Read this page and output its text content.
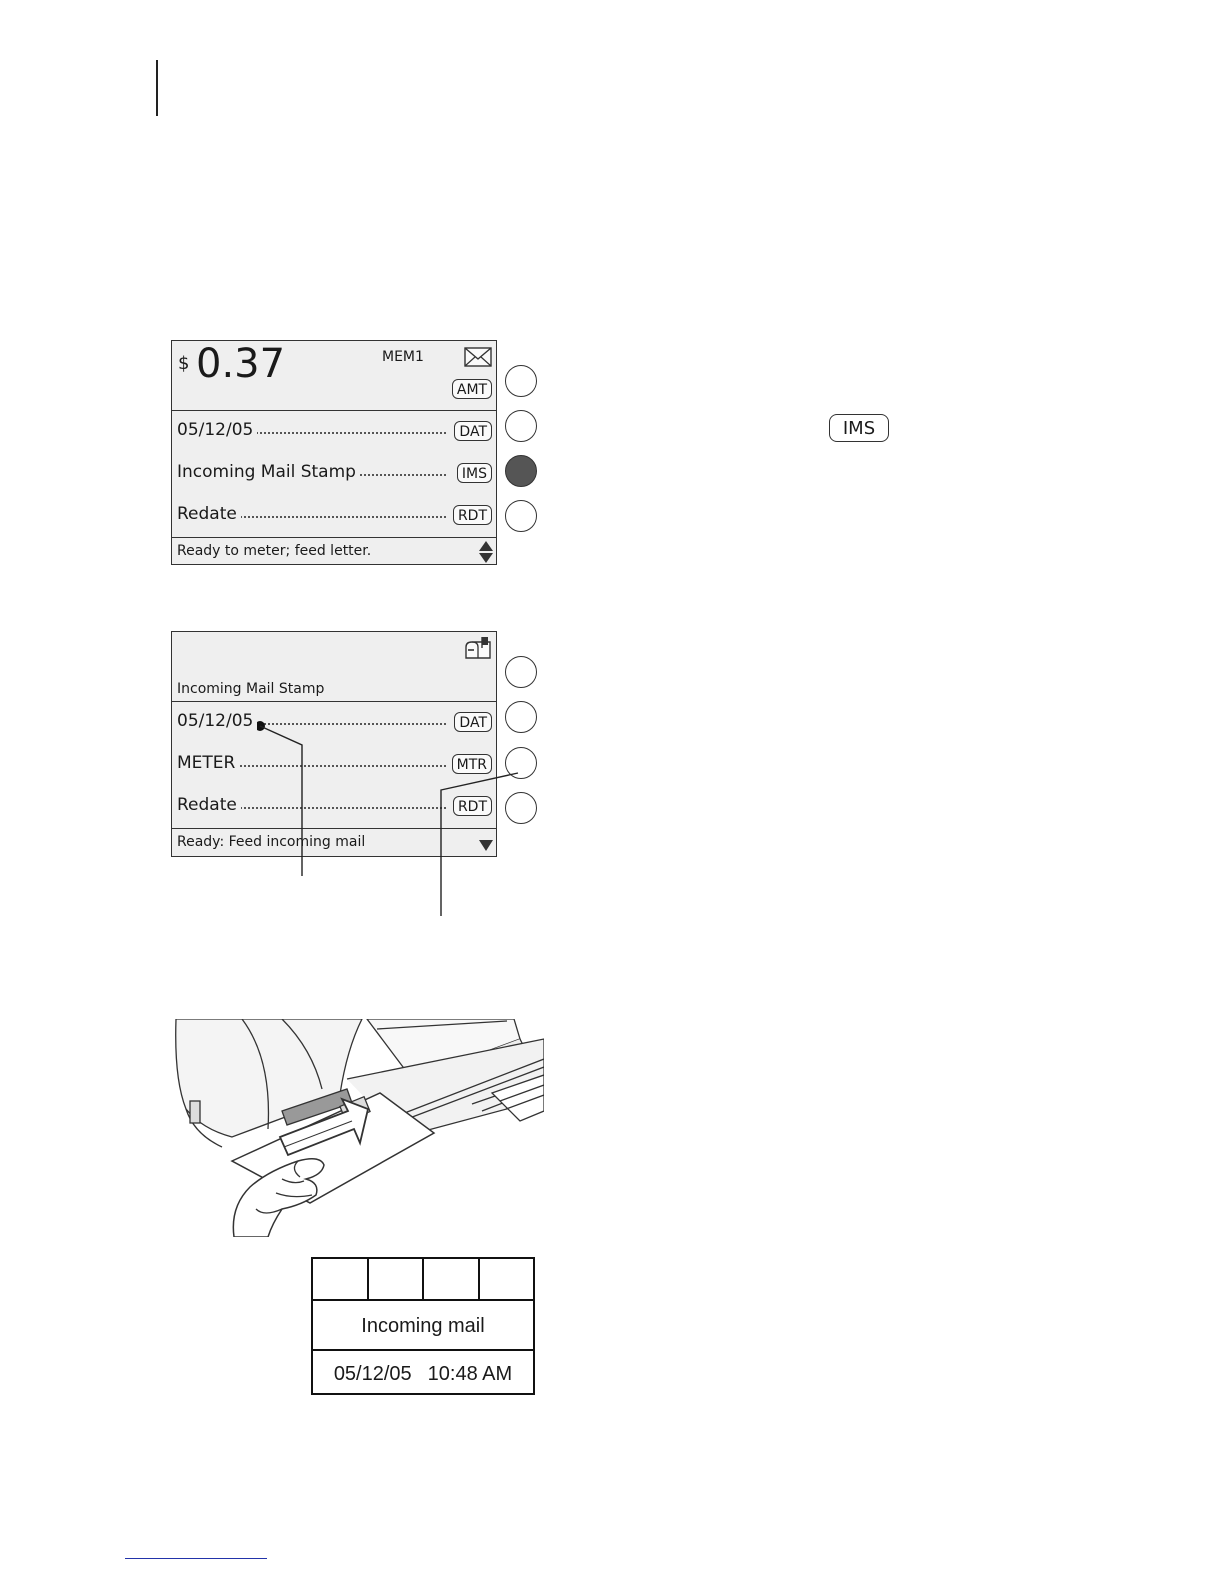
$ 0.37	MEM1
AMT
05/12/05	DAT
Incoming Mail Stamp	IMS
Redate	RDT
Ready to meter; feed letter.
IMS
Incoming Mail Stamp
05/12/05	DAT
METER	MTR
Redate	RDT
Ready: Feed incoming mail
Incoming mail
05/12/05 10:48 AM
